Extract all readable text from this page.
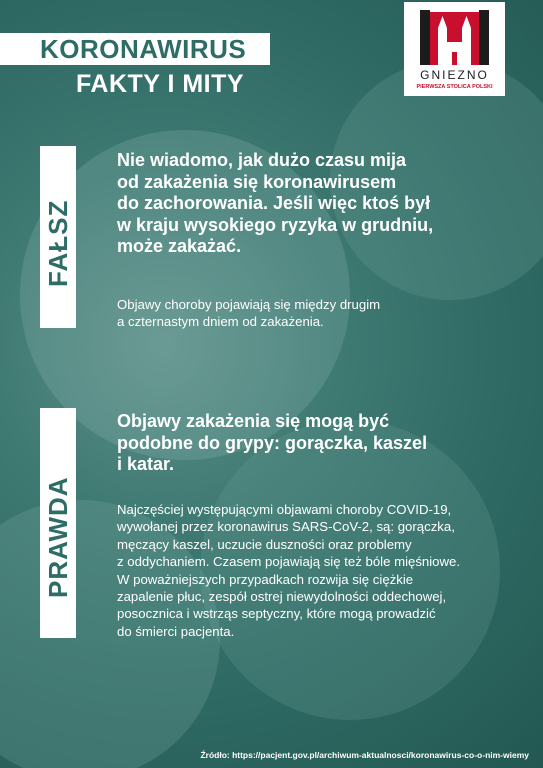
KORONAWIRUS
FAKTY I MITY	GNIEZNO
PIERWSZA STOLICA POLSKI
FAŁSZ
Nie wiadomo, jak dużo czasu mija
od zakażenia się koronawirusem
do zachorowania. Jeśli więc ktoś był
w kraju wysokiego ryzyka w grudniu,
może zakażać.
Objawy choroby pojawiają się między drugim
a czternastym dniem od zakażenia.
PRAWDA
Objawy zakażenia się mogą być
podobne do grypy: gorączka, kaszel
i katar.
Najczęściej występującymi objawami choroby COVID-19,
wywołanej przez koronawirus SARS-CoV-2, są: gorączka,
męczący kaszel, uczucie duszności oraz problemy
z oddychaniem. Czasem pojawiają się też bóle mięśniowe.
W poważniejszych przypadkach rozwija się ciężkie
zapalenie płuc, zespół ostrej niewydolności oddechowej,
posocznica i wstrząs septyczny, które mogą prowadzić
do śmierci pacjenta.
Źródło: https://pacjent.gov.pl/archiwum-aktualnosci/koronawirus-co-o-nim-wiemy
